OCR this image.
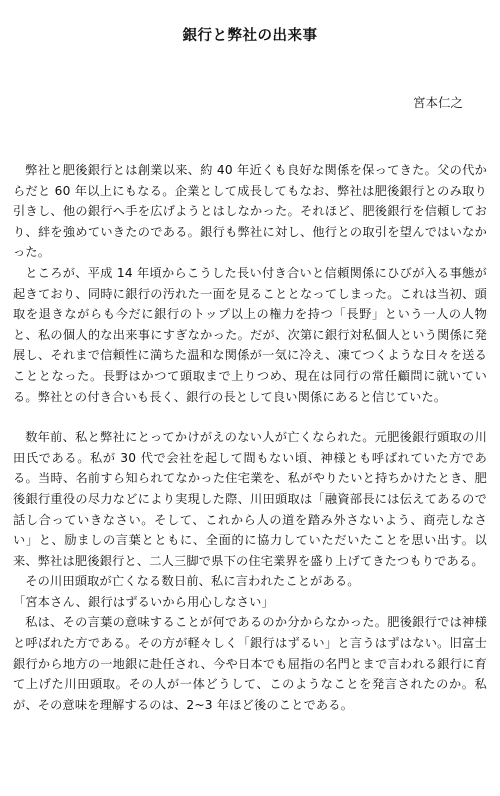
銀行と弊社の出来事

宮本仁之

弊社と肥後銀行とは創業以来、約 40 年近くも良好な関係を保ってきた。父の代からだと 60 年以上にもなる。企業として成長してもなお、弊社は肥後銀行とのみ取り引きし、他の銀行へ手を広げようとはしなかった。それほど、肥後銀行を信頼しており、絆を強めていきたのである。銀行も弊社に対し、他行との取引を望んではいなかった。

ところが、平成 14 年頃からこうした長い付き合いと信頼関係にひびが入る事態が起きており、同時に銀行の汚れた一面を見ることとなってしまった。これは当初、頭取を退きながらも今だに銀行のトップ以上の権力を持つ「長野」という一人の人物と、私の個人的な出来事にすぎなかった。だが、次第に銀行対私個人という関係に発展し、それまで信頼性に満ちた温和な関係が一気に冷え、凍てつくような日々を送ることとなった。長野はかつて頭取まで上りつめ、現在は同行の常任顧問に就いている。弊社との付き合いも長く、銀行の長として良い関係にあると信じていた。

数年前、私と弊社にとってかけがえのない人が亡くなられた。元肥後銀行頭取の川田氏である。私が 30 代で会社を起して間もない頃、神様とも呼ばれていた方である。当時、名前すら知られてなかった住宅業を、私がやりたいと持ちかけたとき、肥後銀行重役の尽力などにより実現した際、川田頭取は「融資部長には伝えてあるので話し合っていきなさい。そして、これから人の道を踏み外さないよう、商売しなさい」と、励ましの言葉とともに、全面的に協力していただいたことを思い出す。以来、弊社は肥後銀行と、二人三脚で県下の住宅業界を盛り上げてきたつもりである。

その川田頭取が亡くなる数日前、私に言われたことがある。

「宮本さん、銀行はずるいから用心しなさい」

私は、その言葉の意味することが何であるのか分からなかった。肥後銀行では神様と呼ばれた方である。その方が軽々しく「銀行はずるい」と言うはずはない。旧富士銀行から地方の一地銀に赴任され、今や日本でも屈指の名門とまで言われる銀行に育て上げた川田頭取。その人が一体どうして、このようなことを発言されたのか。私が、その意味を理解するのは、2~3 年ほど後のことである。
